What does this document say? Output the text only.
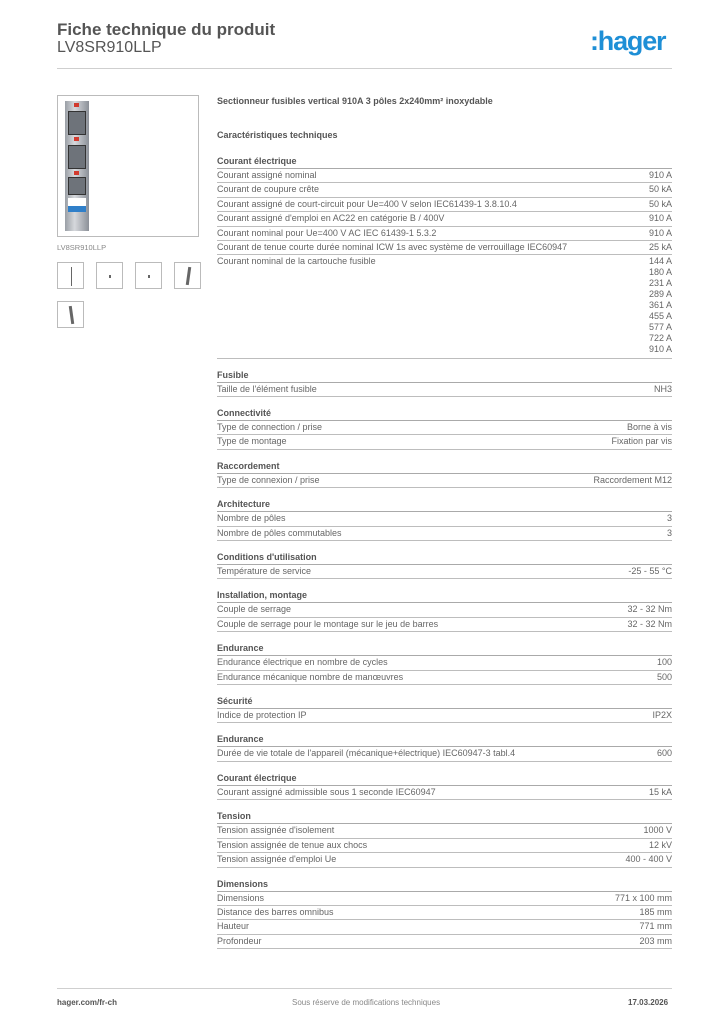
Fiche technique du produit
LV8SR910LLP	:hager
LV8SR910LLP
Sectionneur fusibles vertical 910A 3 pôles 2x240mm² inoxydable
Caractéristiques techniques
Courant électrique
Courant assigné nominal	910 A
Courant de coupure crête	50 kA
Courant assigné de court-circuit pour Ue=400 V selon IEC61439-1 3.8.10.4	50 kA
Courant assigné d'emploi en AC22 en catégorie B / 400V	910 A
Courant nominal pour Ue=400 V AC IEC 61439-1 5.3.2	910 A
Courant de tenue courte durée nominal ICW 1s avec système de verrouillage IEC60947	25 kA
Courant nominal de la cartouche fusible	144 A
180 A
231 A
289 A
361 A
455 A
577 A
722 A
910 A
Fusible
Taille de l'élément fusible	NH3
Connectivité
Type de connection / prise	Borne à vis
Type de montage	Fixation par vis
Raccordement
Type de connexion / prise	Raccordement M12
Architecture
Nombre de pôles	3
Nombre de pôles commutables	3
Conditions d'utilisation
Température de service	-25 - 55 °C
Installation, montage
Couple de serrage	32 - 32 Nm
Couple de serrage pour le montage sur le jeu de barres	32 - 32 Nm
Endurance
Endurance électrique en nombre de cycles	100
Endurance mécanique nombre de manœuvres	500
Sécurité
Indice de protection IP	IP2X
Endurance
Durée de vie totale de l'appareil (mécanique+électrique) IEC60947-3 tabl.4	600
Courant électrique
Courant assigné admissible sous 1 seconde IEC60947	15 kA
Tension
Tension assignée d'isolement	1000 V
Tension assignée de tenue aux chocs	12 kV
Tension assignée d'emploi Ue	400 - 400 V
Dimensions
Dimensions	771 x 100 mm
Distance des barres omnibus	185 mm
Hauteur	771 mm
Profondeur	203 mm
hager.com/fr-ch	Sous réserve de modifications techniques	17.03.2026
